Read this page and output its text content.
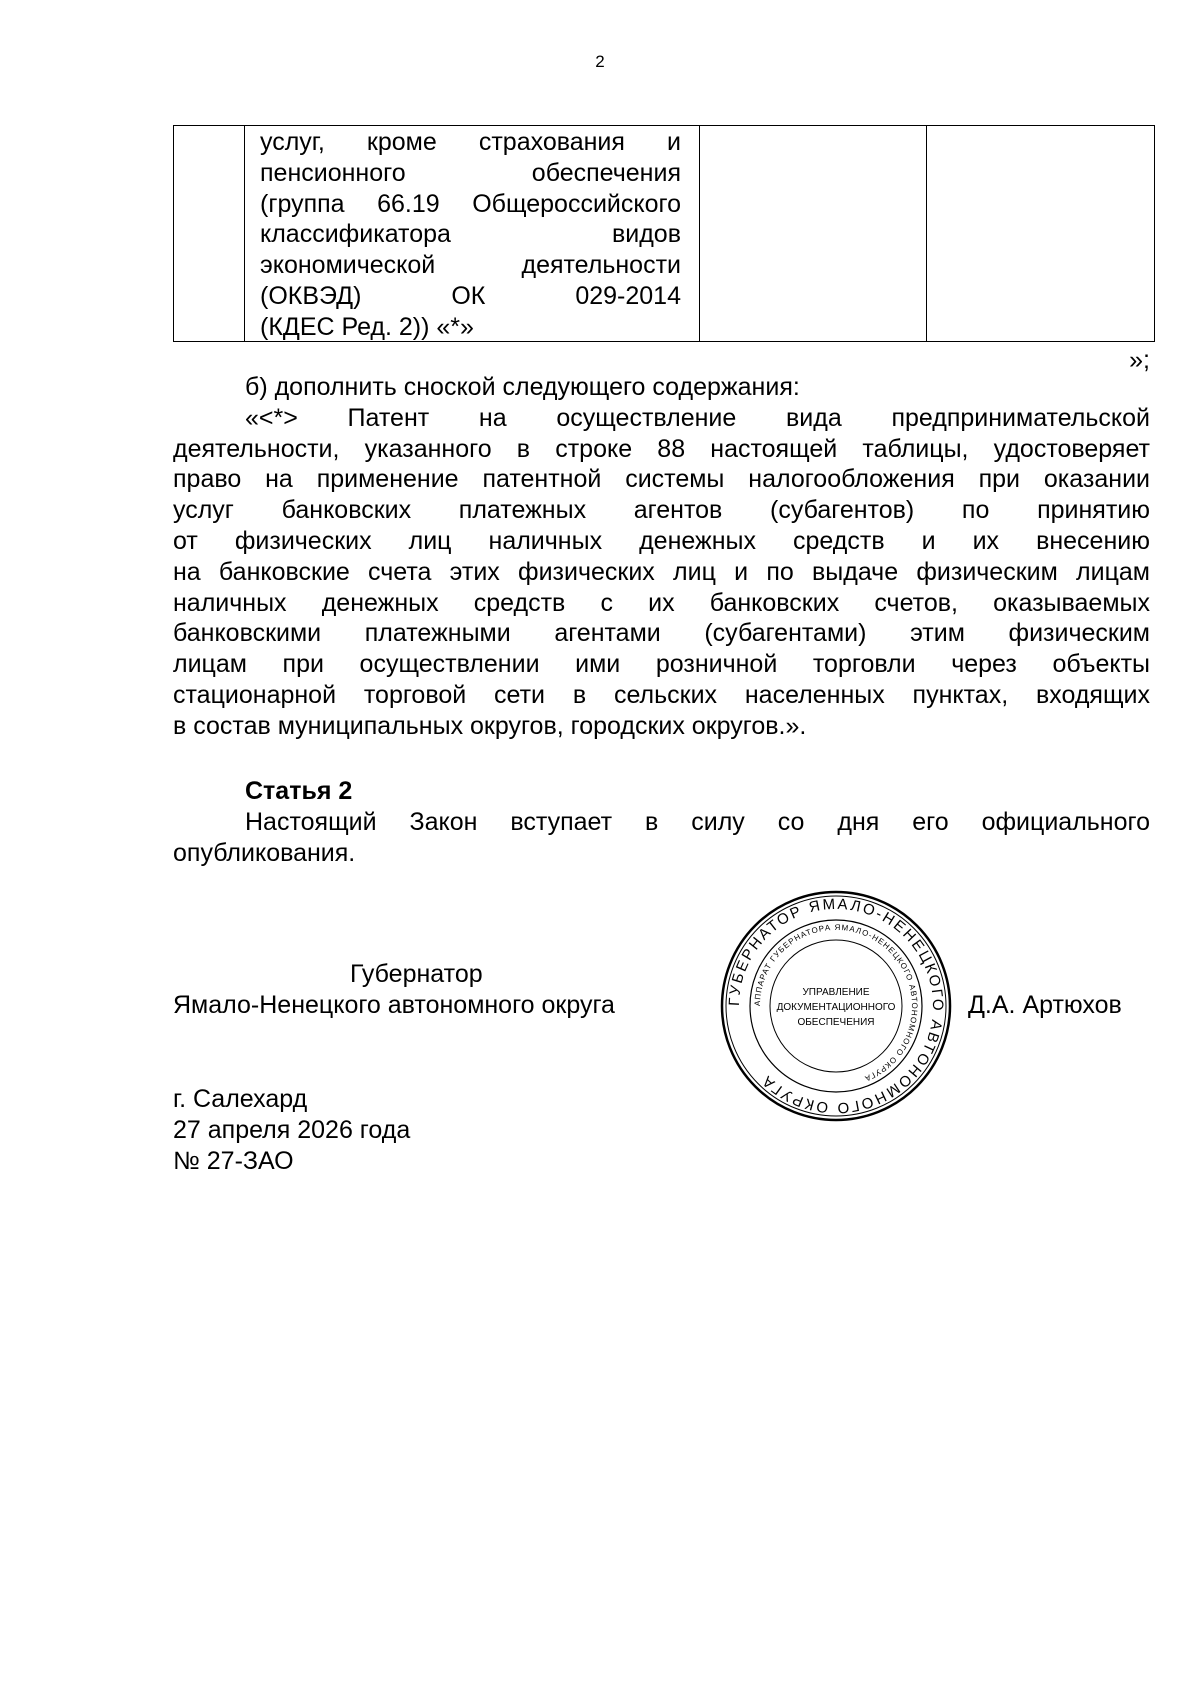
2

услуг, кроме страхования и
пенсионного обеспечения
(группа 66.19 Общероссийского
классификатора видов
экономической деятельности
(ОКВЭД) ОК 029-2014
(КДЕС Ред. 2)) «*»

»;
б) дополнить сноской следующего содержания:
«<*> Патент на осуществление вида предпринимательской
деятельности, указанного в строке 88 настоящей таблицы, удостоверяет
право на применение патентной системы налогообложения при оказании
услуг банковских платежных агентов (субагентов) по принятию
от физических лиц наличных денежных средств и их внесению
на банковские счета этих физических лиц и по выдаче физическим лицам
наличных денежных средств с их банковских счетов, оказываемых
банковскими платежными агентами (субагентами) этим физическим
лицам при осуществлении ими розничной торговли через объекты
стационарной торговой сети в сельских населенных пунктах, входящих
в состав муниципальных округов, городских округов.».
Статья 2
Настоящий Закон вступает в силу со дня его официального
опубликования.
Губернатор
Ямало-Ненецкого автономного округа	Д.А. Артюхов
ГУБЕРНАТОР ЯМАЛО-НЕНЕЦКОГО АВТОНОМНОГО ОКРУГА
АППАРАТ ГУБЕРНАТОРА ЯМАЛО-НЕНЕЦКОГО АВТОНОМНОГО ОКРУГА
УПРАВЛЕНИЕ
ДОКУМЕНТАЦИОННОГО
ОБЕСПЕЧЕНИЯ
г. Салехард
27 апреля 2026 года
№ 27-ЗАО
